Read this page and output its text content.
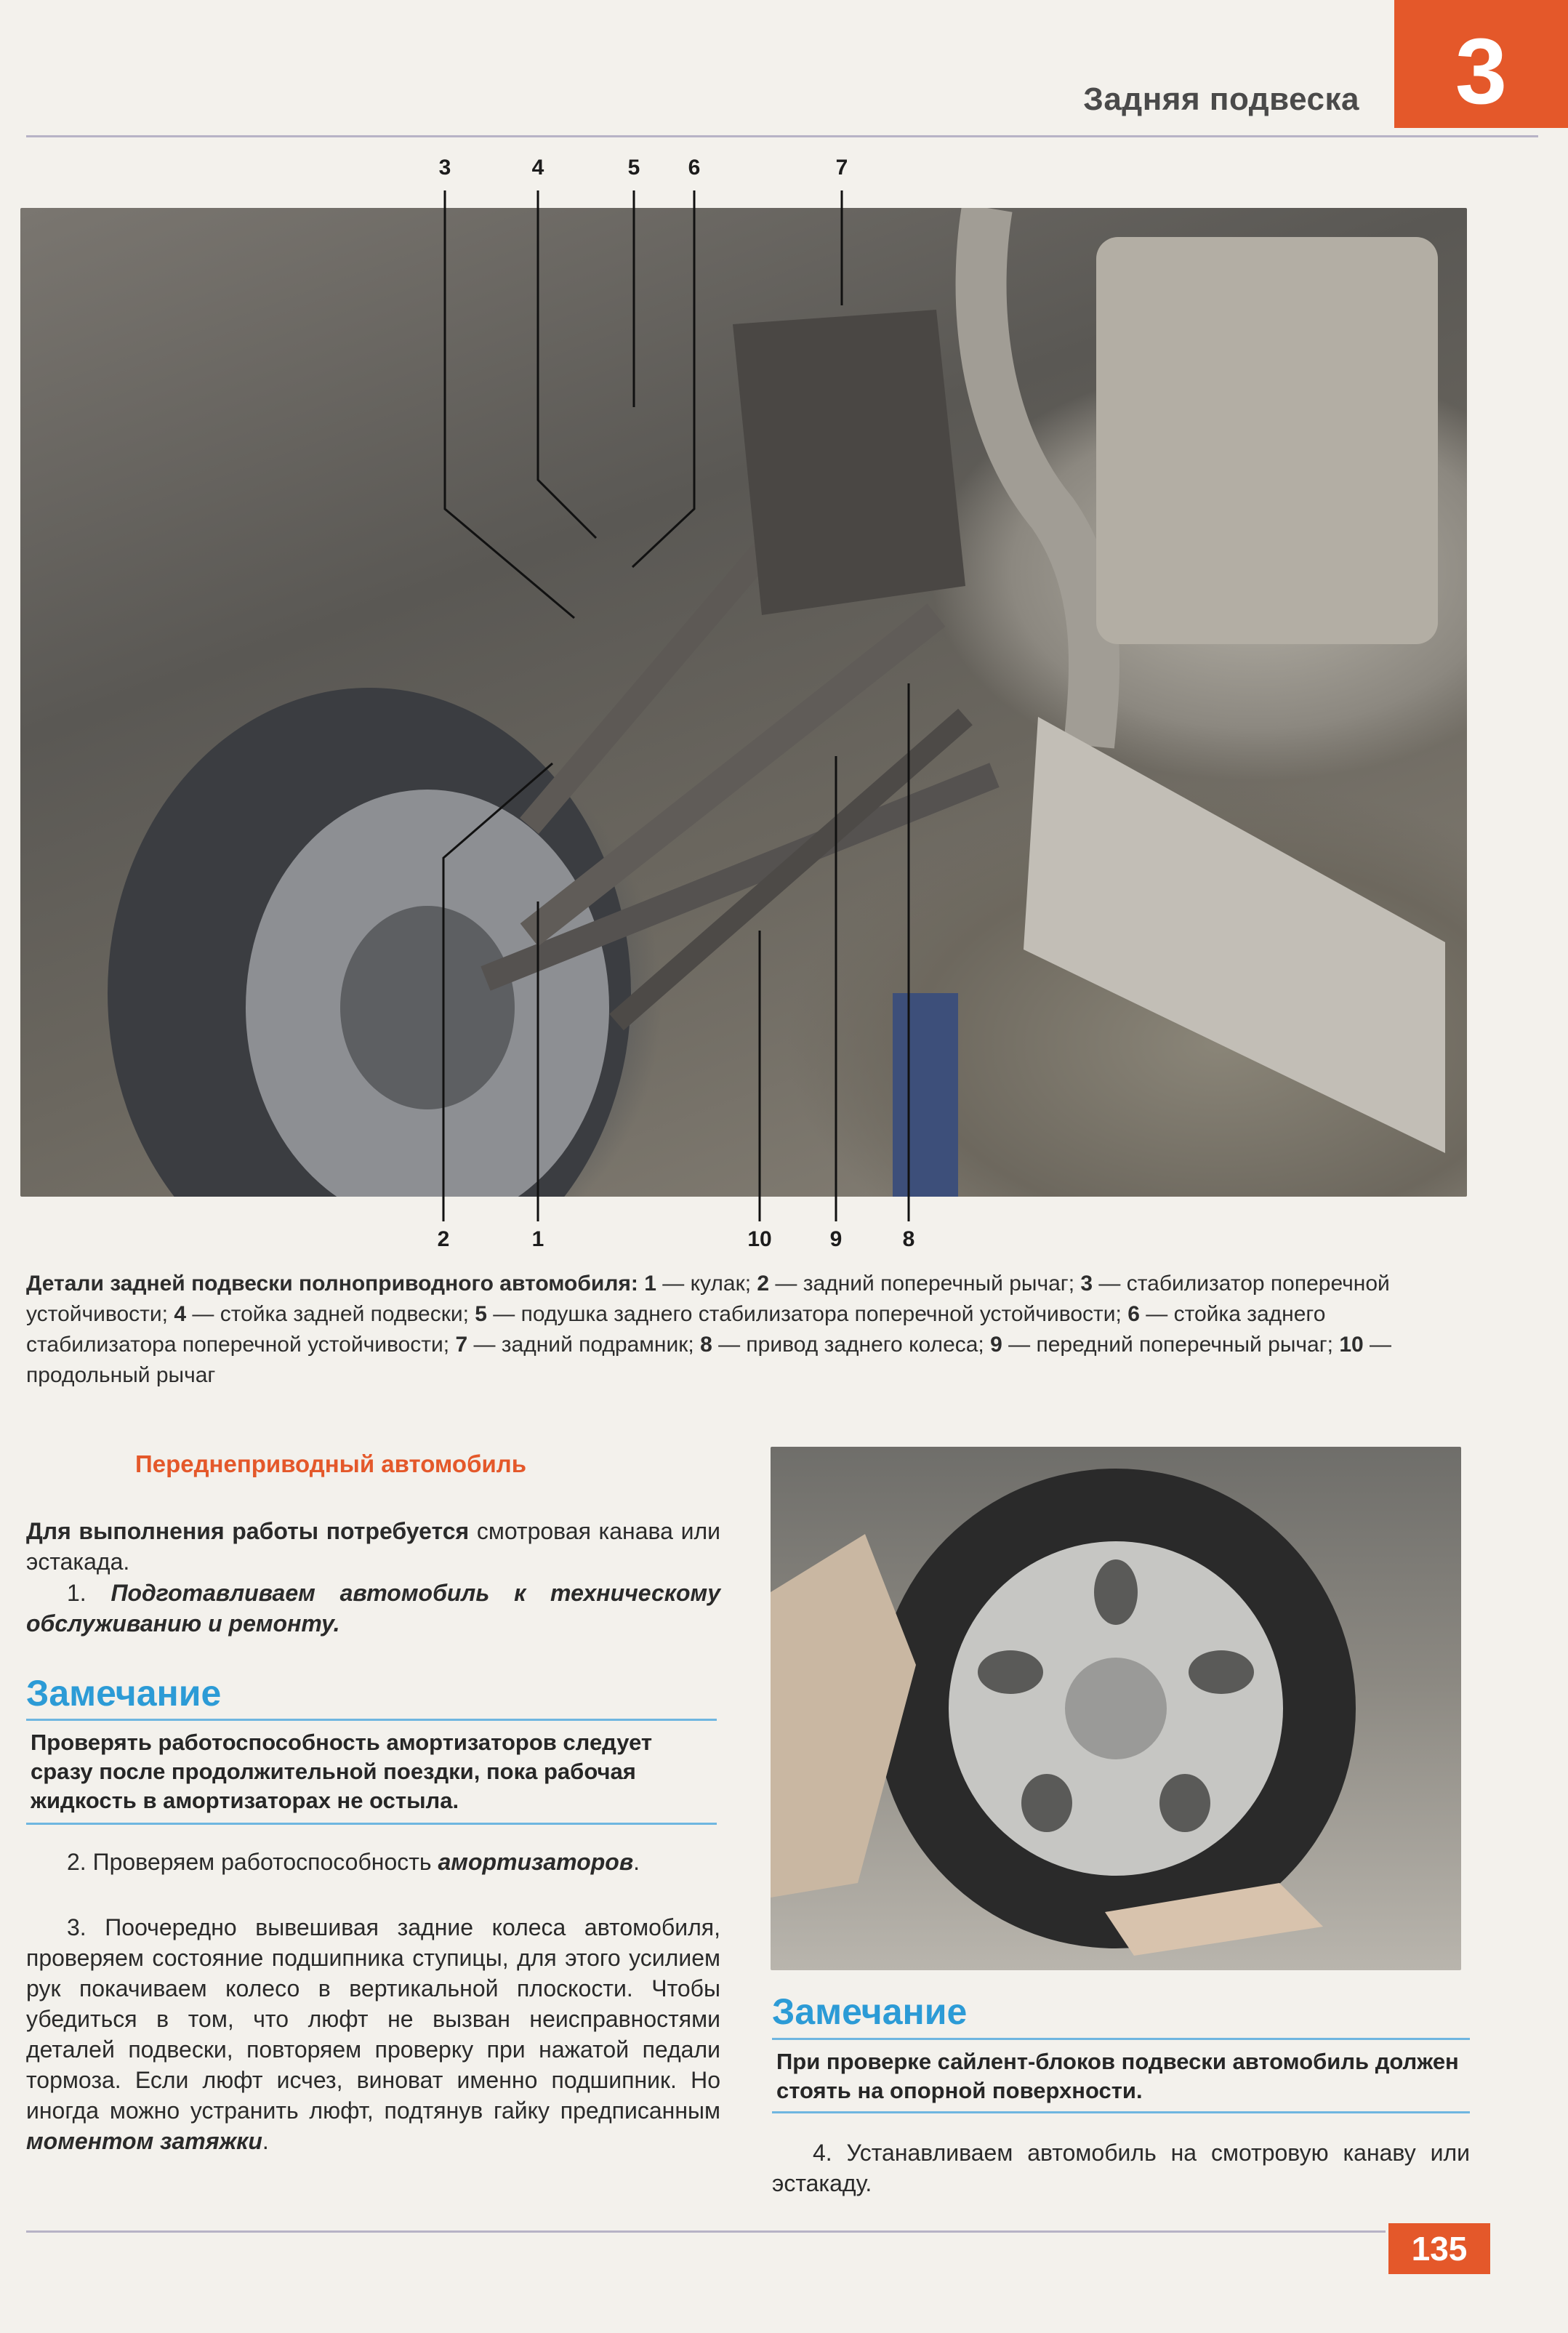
Задняя подвеска	3
3	4	5	6	7
2	1	10	9	8
Детали задней подвески полноприводного автомобиля: 1 — кулак; 2 — задний поперечный рычаг; 3 — стабилизатор поперечной устойчивости; 4 — стойка задней подвески; 5 — подушка заднего стабилизатора поперечной устойчивости; 6 — стойка заднего стабилизатора поперечной устойчивости; 7 — задний подрамник; 8 — привод заднего колеса; 9 — передний поперечный рычаг; 10 — продольный рычаг
Переднеприводный автомобиль
Для выполнения работы потребуется смотровая канава или эстакада.
1. Подготавливаем автомобиль к техническому обслуживанию и ремонту.
Замечание
Проверять работоспособность амортизаторов следует сразу после продолжительной поездки, пока рабочая жидкость в амортизаторах не остыла.
2. Проверяем работоспособность амортизаторов.
3. Поочередно вывешивая задние колеса автомобиля, проверяем состояние подшипника ступицы, для этого усилием рук покачиваем колесо в вертикальной плоскости. Чтобы убедиться в том, что люфт не вызван неисправностями деталей подвески, повторяем проверку при нажатой педали тормоза. Если люфт исчез, виноват именно подшипник. Но иногда можно устранить люфт, подтянув гайку предписанным моментом затяжки.
Замечание
При проверке сайлент-блоков подвески автомобиль должен стоять на опорной поверхности.
4. Устанавливаем автомобиль на смотровую канаву или эстакаду.
135
